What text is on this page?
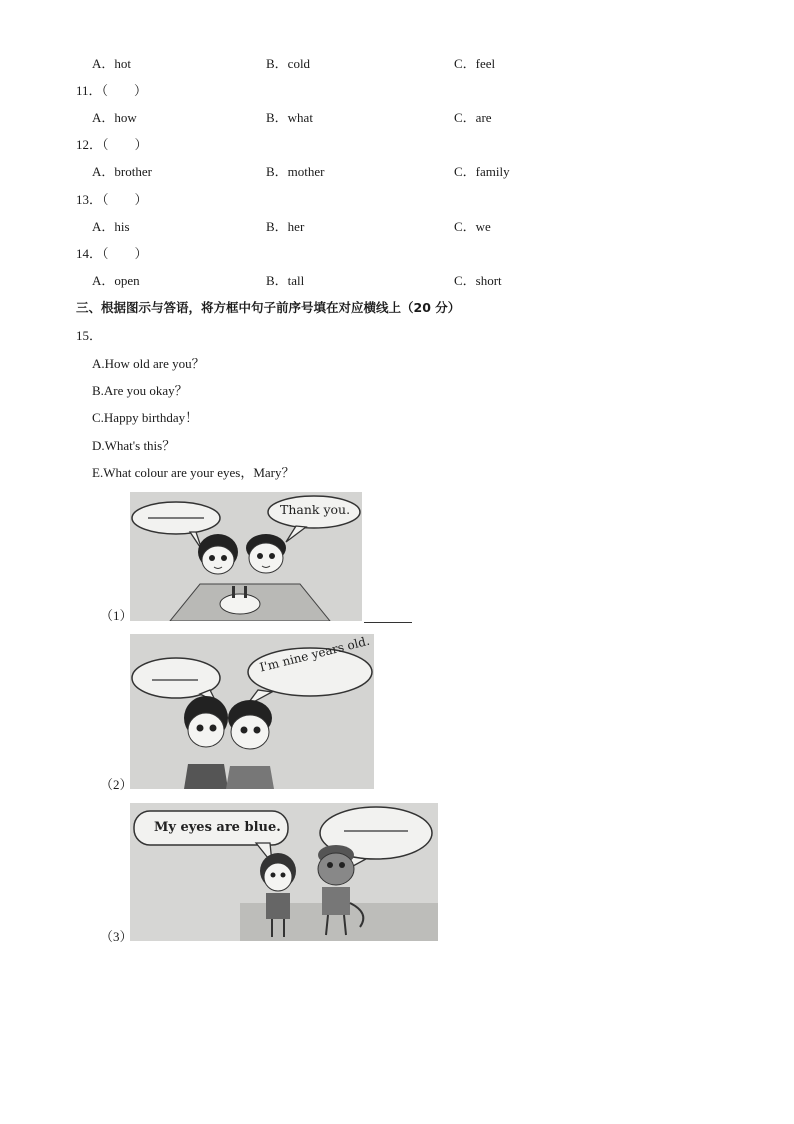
A．hot	B．cold	C．feel
11．（　　）
A．how	B．what	C．are
12．（　　）
A．brother	B．mother	C．family
13．（　　）
A．his	B．her	C．we
14．（　　）
A．open	B．tall	C．short
三、根据图示与答语，将方框中句子前序号填在对应横线上（20 分）
15．
A.How old are you？
B.Are you okay？
C.Happy birthday！
D.What's this？
E.What colour are your eyes，Mary？
Thank you.
（1）
I'm nine years old.
（2）
My eyes are blue.
（3）
